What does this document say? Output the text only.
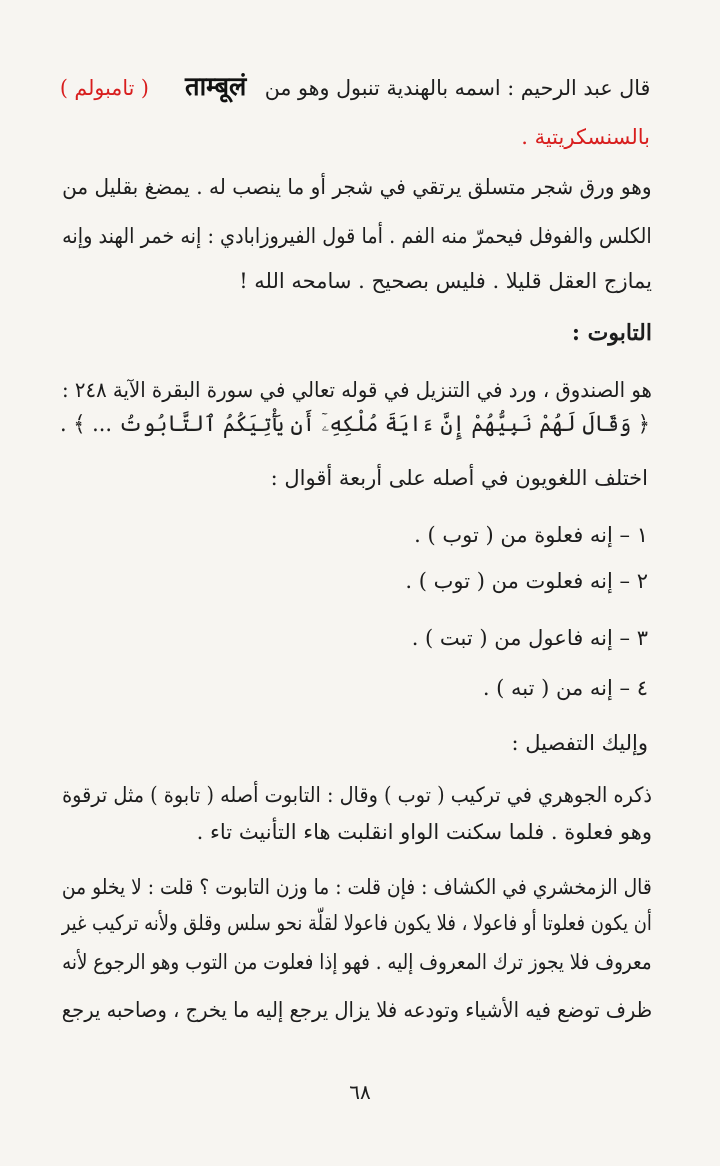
قال عبد الرحيم : اسمه بالهندية تنبول وهو من ताम्बूलं ( تامبولم )
بالسنسكريتية .
وهو ورق شجر متسلق يرتقي في شجر أو ما ينصب له . يمضغ بقليل من
الكلس والفوفل فيحمرّ منه الفم . أما قول الفيروزابادي : إنه خمر الهند وإنه
يمازج العقل قليلا . فليس بصحيح . سامحه الله !
التابوت :
هو الصندوق ، ورد في التنزيل في قوله تعالي في سورة البقرة الآية ٢٤٨ :
﴿ وَقَالَ لَهُمْ نَبِيُّهُمْ إِنَّ ءَايَةَ مُلْكِهِۦٓ أَن يَأْتِيَكُمُ ٱلتَّابُوتُ ... ﴾ .
اختلف اللغويون في أصله على أربعة أقوال :
١ – إنه فعلوة من ( توب ) .
٢ – إنه فعلوت من ( توب ) .
٣ – إنه فاعول من ( تبت ) .
٤ – إنه من ( تبه ) .
وإليك التفصيل :
ذكره الجوهري في تركيب ( توب ) وقال : التابوت أصله ( تابوة ) مثل ترقوة
وهو فعلوة . فلما سكنت الواو انقلبت هاء التأنيث تاء .
قال الزمخشري في الكشاف : فإن قلت : ما وزن التابوت ؟ قلت : لا يخلو من
أن يكون فعلوتا أو فاعولا ، فلا يكون فاعولا لقلّة نحو سلس وقلق ولأنه تركيب غير
معروف فلا يجوز ترك المعروف إليه . فهو إذا فعلوت من التوب وهو الرجوع لأنه
ظرف توضع فيه الأشياء وتودعه فلا يزال يرجع إليه ما يخرج ، وصاحبه يرجع
٦٨
